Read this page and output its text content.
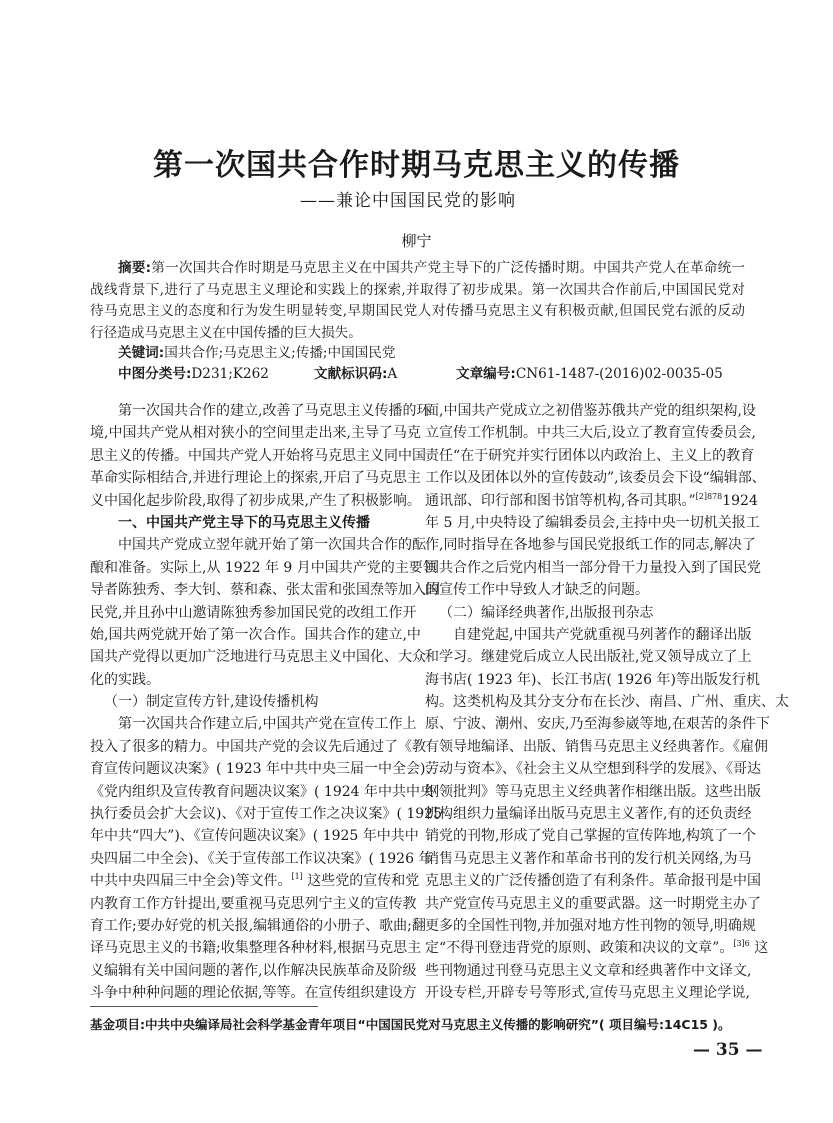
第一次国共合作时期马克思主义的传播
——兼论中国国民党的影响
柳宁
摘要:第一次国共合作时期是马克思主义在中国共产党主导下的广泛传播时期。中国共产党人在革命统一
战线背景下,进行了马克思主义理论和实践上的探索,并取得了初步成果。第一次国共合作前后,中国国民党对
待马克思主义的态度和行为发生明显转变,早期国民党人对传播马克思主义有积极贡献,但国民党右派的反动
行径造成马克思主义在中国传播的巨大损失。
关键词:国共合作;马克思主义;传播;中国国民党
中图分类号:D231;K262	文献标识码:A	文章编号:CN61-1487-(2016)02-0035-05
第一次国共合作的建立,改善了马克思主义传播的环
境,中国共产党从相对狭小的空间里走出来,主导了马克
思主义的传播。中国共产党人开始将马克思主义同中国
革命实际相结合,并进行理论上的探索,开启了马克思主
义中国化起步阶段,取得了初步成果,产生了积极影响。
一、中国共产党主导下的马克思主义传播
中国共产党成立翌年就开始了第一次国共合作的酝
酿和准备。实际上,从 1922 年 9 月中国共产党的主要领
导者陈独秀、李大钊、蔡和森、张太雷和张国焘等加入国
民党,并且孙中山邀请陈独秀参加国民党的改组工作开
始,国共两党就开始了第一次合作。国共合作的建立,中
国共产党得以更加广泛地进行马克思主义中国化、大众
化的实践。
（一）制定宣传方针,建设传播机构
第一次国共合作建立后,中国共产党在宣传工作上
投入了很多的精力。中国共产党的会议先后通过了《教
育宣传问题议决案》( 1923 年中共中央三届一中全会)、
《党内组织及宣传教育问题决议案》( 1924 年中共中央
执行委员会扩大会议)、《对于宣传工作之决议案》( 1925
年中共“四大”)、《宣传问题决议案》( 1925 年中共中
央四届二中全会)、《关于宣传部工作议决案》( 1926 年
中共中央四届三中全会)等文件。[1] 这些党的宣传和党
内教育工作方针提出,要重视马克思列宁主义的宣传教
育工作;要办好党的机关报,编辑通俗的小册子、歌曲;翻
译马克思主义的书籍;收集整理各种材料,根据马克思主
义编辑有关中国问题的著作,以作解决民族革命及阶级
斗争中种种问题的理论依据,等等。在宣传组织建设方
面,中国共产党成立之初借鉴苏俄共产党的组织架构,设
立宣传工作机制。中共三大后,设立了教育宣传委员会,
责任“在于研究并实行团体以内政治上、主义上的教育
工作以及团体以外的宣传鼓动”,该委员会下设“编辑部、
通讯部、印行部和图书馆等机构,各司其职。”$^{[2]878}$1924
年 5 月,中央特设了编辑委员会,主持中央一切机关报工
作,同时指导在各地参与国民党报纸工作的同志,解决了
国共合作之后党内相当一部分骨干力量投入到了国民党
的宣传工作中导致人才缺乏的问题。
（二）编译经典著作,出版报刊杂志
自建党起,中国共产党就重视马列著作的翻译出版
和学习。继建党后成立人民出版社,党又领导成立了上
海书店( 1923 年)、长江书店( 1926 年)等出版发行机
构。这类机构及其分支分布在长沙、南昌、广州、重庆、太
原、宁波、潮州、安庆,乃至海参崴等地,在艰苦的条件下
有领导地编译、出版、销售马克思主义经典著作。《雇佣
劳动与资本》、《社会主义从空想到科学的发展》、《哥达
纲领批判》等马克思主义经典著作相继出版。这些出版
机构组织力量编译出版马克思主义著作,有的还负责经
销党的刊物,形成了党自己掌握的宣传阵地,构筑了一个
销售马克思主义著作和革命书刊的发行机关网络,为马
克思主义的广泛传播创造了有利条件。革命报刊是中国
共产党宣传马克思主义的重要武器。这一时期党主办了
更多的全国性刊物,并加强对地方性刊物的领导,明确规
定“不得刊登违背党的原则、政策和决议的文章”。$^{[3]6}$ 这
些刊物通过刊登马克思主义文章和经典著作中文译文,
开设专栏,开辟专号等形式,宣传马克思主义理论学说,
基金项目:中共中央编译局社会科学基金青年项目“中国国民党对马克思主义传播的影响研究”( 项目编号:14C15 )。
— 35 —
